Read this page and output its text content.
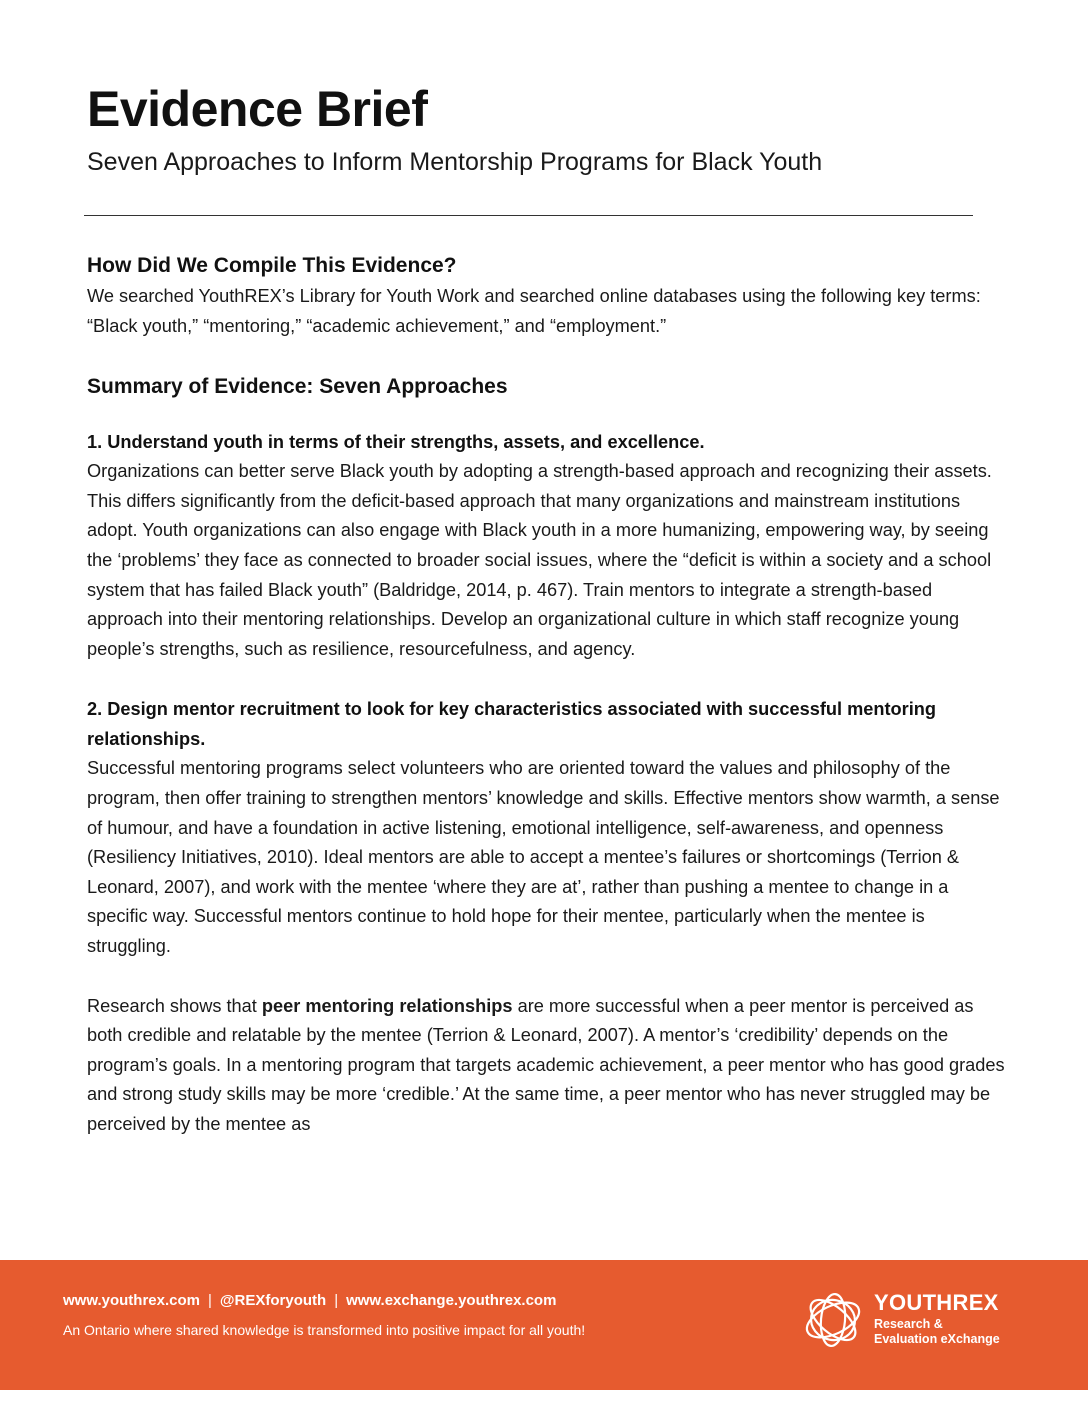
Evidence Brief
Seven Approaches to Inform Mentorship Programs for Black Youth
How Did We Compile This Evidence?

We searched YouthREX’s Library for Youth Work and searched online databases using the following key terms: “Black youth,” “mentoring,” “academic achievement,” and “employment.”

Summary of Evidence: Seven Approaches
1. Understand youth in terms of their strengths, assets, and excellence.

Organizations can better serve Black youth by adopting a strength-based approach and recognizing their assets. This differs significantly from the deficit-based approach that many organizations and mainstream institutions adopt. Youth organizations can also engage with Black youth in a more humanizing, empowering way, by seeing the ‘problems’ they face as connected to broader social issues, where the “deficit is within a society and a school system that has failed Black youth” (Baldridge, 2014, p. 467). Train mentors to integrate a strength-based approach into their mentoring relationships. Develop an organizational culture in which staff recognize young people’s strengths, such as resilience, resourcefulness, and agency.

2. Design mentor recruitment to look for key characteristics associated with successful mentoring relationships.

Successful mentoring programs select volunteers who are oriented toward the values and philosophy of the program, then offer training to strengthen mentors’ knowledge and skills. Effective mentors show warmth, a sense of humour, and have a foundation in active listening, emotional intelligence, self-awareness, and openness (Resiliency Initiatives, 2010). Ideal mentors are able to accept a mentee’s failures or shortcomings (Terrion & Leonard, 2007), and work with the mentee ‘where they are at’, rather than pushing a mentee to change in a specific way. Successful mentors continue to hold hope for their mentee, particularly when the mentee is struggling.

Research shows that peer mentoring relationships are more successful when a peer mentor is perceived as both credible and relatable by the mentee (Terrion & Leonard, 2007). A mentor’s ‘credibility’ depends on the program’s goals. In a mentoring program that targets academic achievement, a peer mentor who has good grades and strong study skills may be more ‘credible.’ At the same time, a peer mentor who has never struggled may be perceived by the mentee as

www.youthrex.com | @REXforyouth | www.exchange.youthrex.com
An Ontario where shared knowledge is transformed into positive impact for all youth!
YOUTHREX
Research &
Evaluation eXchange
